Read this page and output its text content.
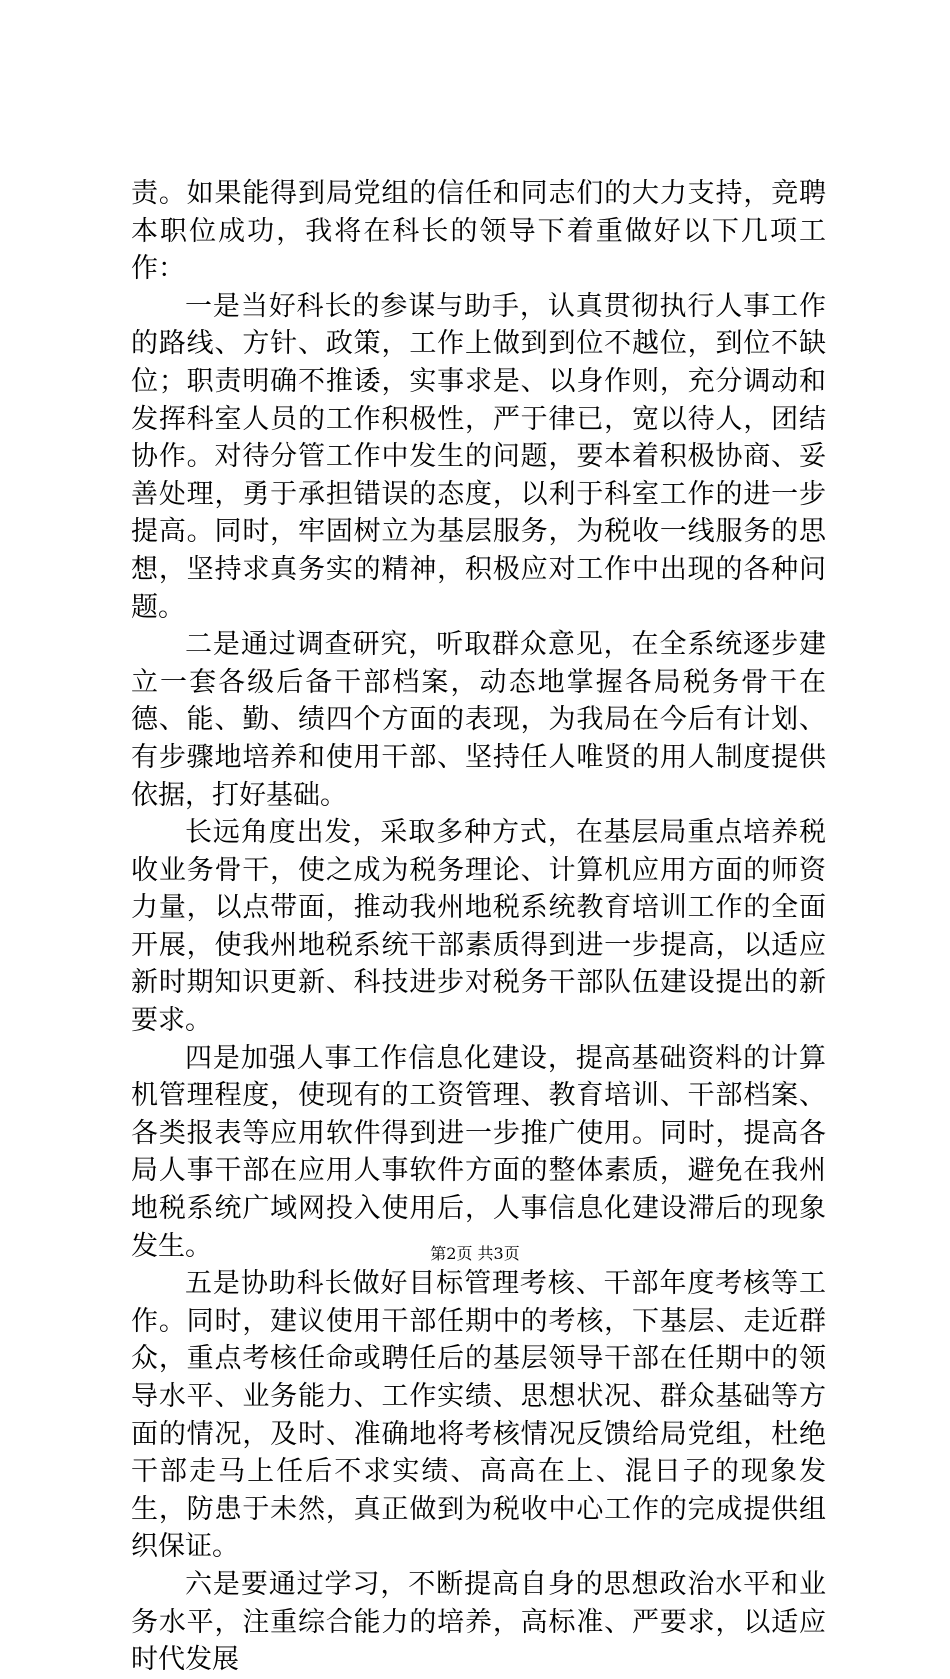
责。如果能得到局党组的信任和同志们的大力支持，竞聘本职位成功，我将在科长的领导下着重做好以下几项工作：

一是当好科长的参谋与助手，认真贯彻执行人事工作的路线、方针、政策，工作上做到到位不越位，到位不缺位；职责明确不推诿，实事求是、以身作则，充分调动和发挥科室人员的工作积极性，严于律已，宽以待人，团结协作。对待分管工作中发生的问题，要本着积极协商、妥善处理，勇于承担错误的态度，以利于科室工作的进一步提高。同时，牢固树立为基层服务，为税收一线服务的思想，坚持求真务实的精神，积极应对工作中出现的各种问题。

二是通过调查研究，听取群众意见，在全系统逐步建立一套各级后备干部档案，动态地掌握各局税务骨干在德、能、勤、绩四个方面的表现，为我局在今后有计划、有步骤地培养和使用干部、坚持任人唯贤的用人制度提供依据，打好基础。

长远角度出发，采取多种方式，在基层局重点培养税收业务骨干，使之成为税务理论、计算机应用方面的师资力量，以点带面，推动我州地税系统教育培训工作的全面开展，使我州地税系统干部素质得到进一步提高，以适应新时期知识更新、科技进步对税务干部队伍建设提出的新要求。

四是加强人事工作信息化建设，提高基础资料的计算机管理程度，使现有的工资管理、教育培训、干部档案、各类报表等应用软件得到进一步推广使用。同时，提高各局人事干部在应用人事软件方面的整体素质，避免在我州地税系统广域网投入使用后，人事信息化建设滞后的现象发生。

五是协助科长做好目标管理考核、干部年度考核等工作。同时，建议使用干部任期中的考核，下基层、走近群众，重点考核任命或聘任后的基层领导干部在任期中的领导水平、业务能力、工作实绩、思想状况、群众基础等方面的情况，及时、准确地将考核情况反馈给局党组，杜绝干部走马上任后不求实绩、高高在上、混日子的现象发生，防患于未然，真正做到为税收中心工作的完成提供组织保证。

六是要通过学习，不断提高自身的思想政治水平和业务水平，注重综合能力的培养，高标准、严要求，以适应时代发展

第2页 共3页
